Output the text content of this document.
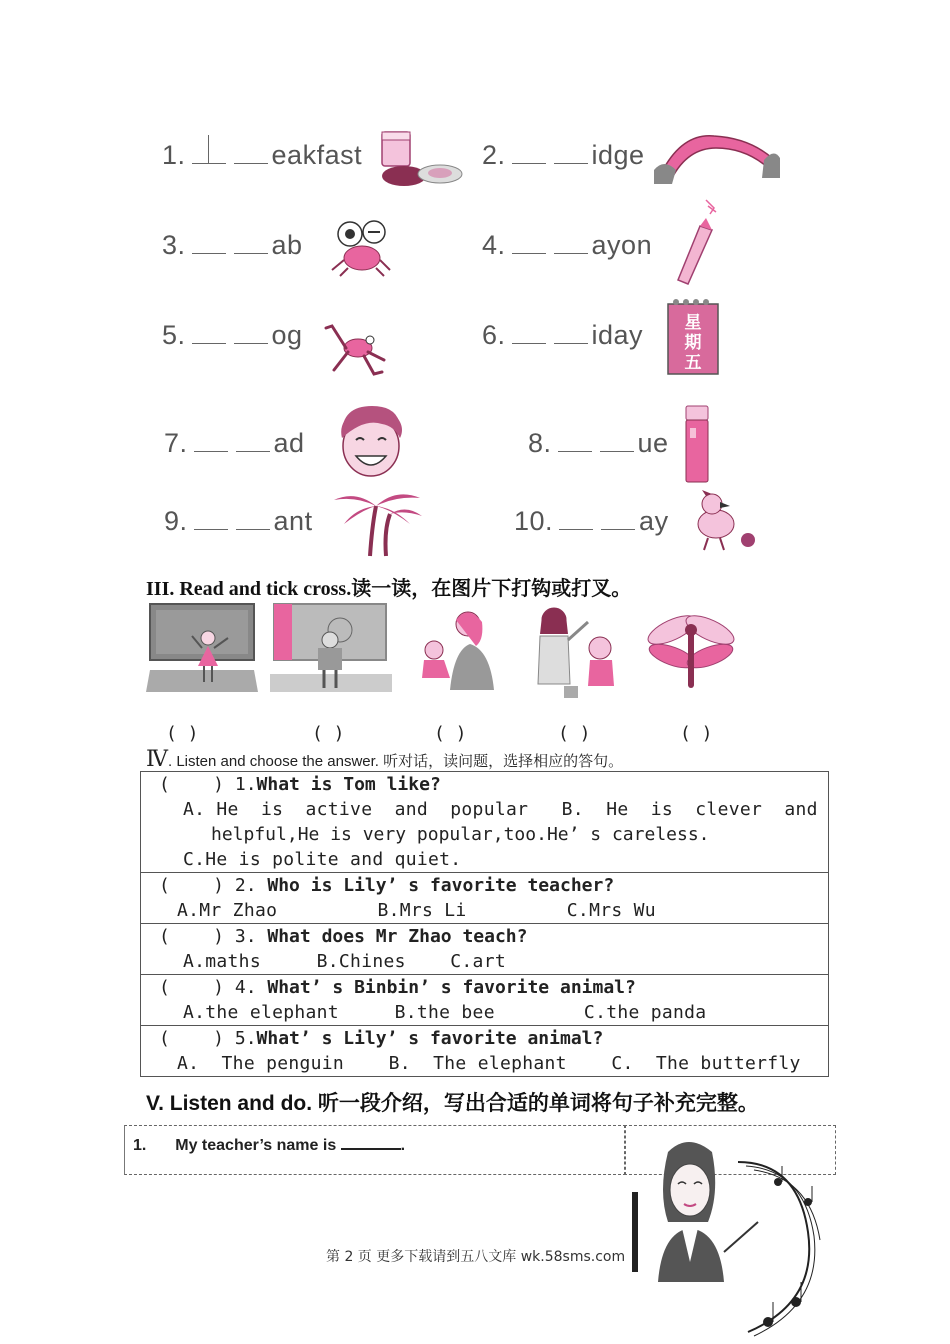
1.	eakfast	2.	idge
3.	ab	4.	ayon
5.	og	6.	iday
7.	ad	8.	ue
9.	ant	10.	ay
星
期
五
III. Read and tick cross.读一读，在图片下打钩或打叉。
( )	( )	( )	( )	( )
Ⅳ. Listen and choose the answer. 听对话，读问题，选择相应的答句。
(    ) 1.What is Tom like?
A. He  is  active  and  popular   B.  He  is  clever  and
helpful,He is very popular,too.He’ s careless.
C.He is polite and quiet.

(    ) 2. Who is Lily’ s favorite teacher?
A.Mr Zhao         B.Mrs Li         C.Mrs Wu

(    ) 3. What does Mr Zhao teach?
A.maths     B.Chines    C.art

(    ) 4. What’ s Binbin’ s favorite animal?
A.the elephant     B.the bee        C.the panda

(    ) 5.What’ s Lily’ s favorite animal?
A.  The penguin    B.  The elephant    C.  The butterfly
V. Listen and do. 听一段介绍，写出合适的单词将句子补充完整。
1. My teacher’s name is	.
第 2 页 更多下载请到五八文库 wk.58sms.com
